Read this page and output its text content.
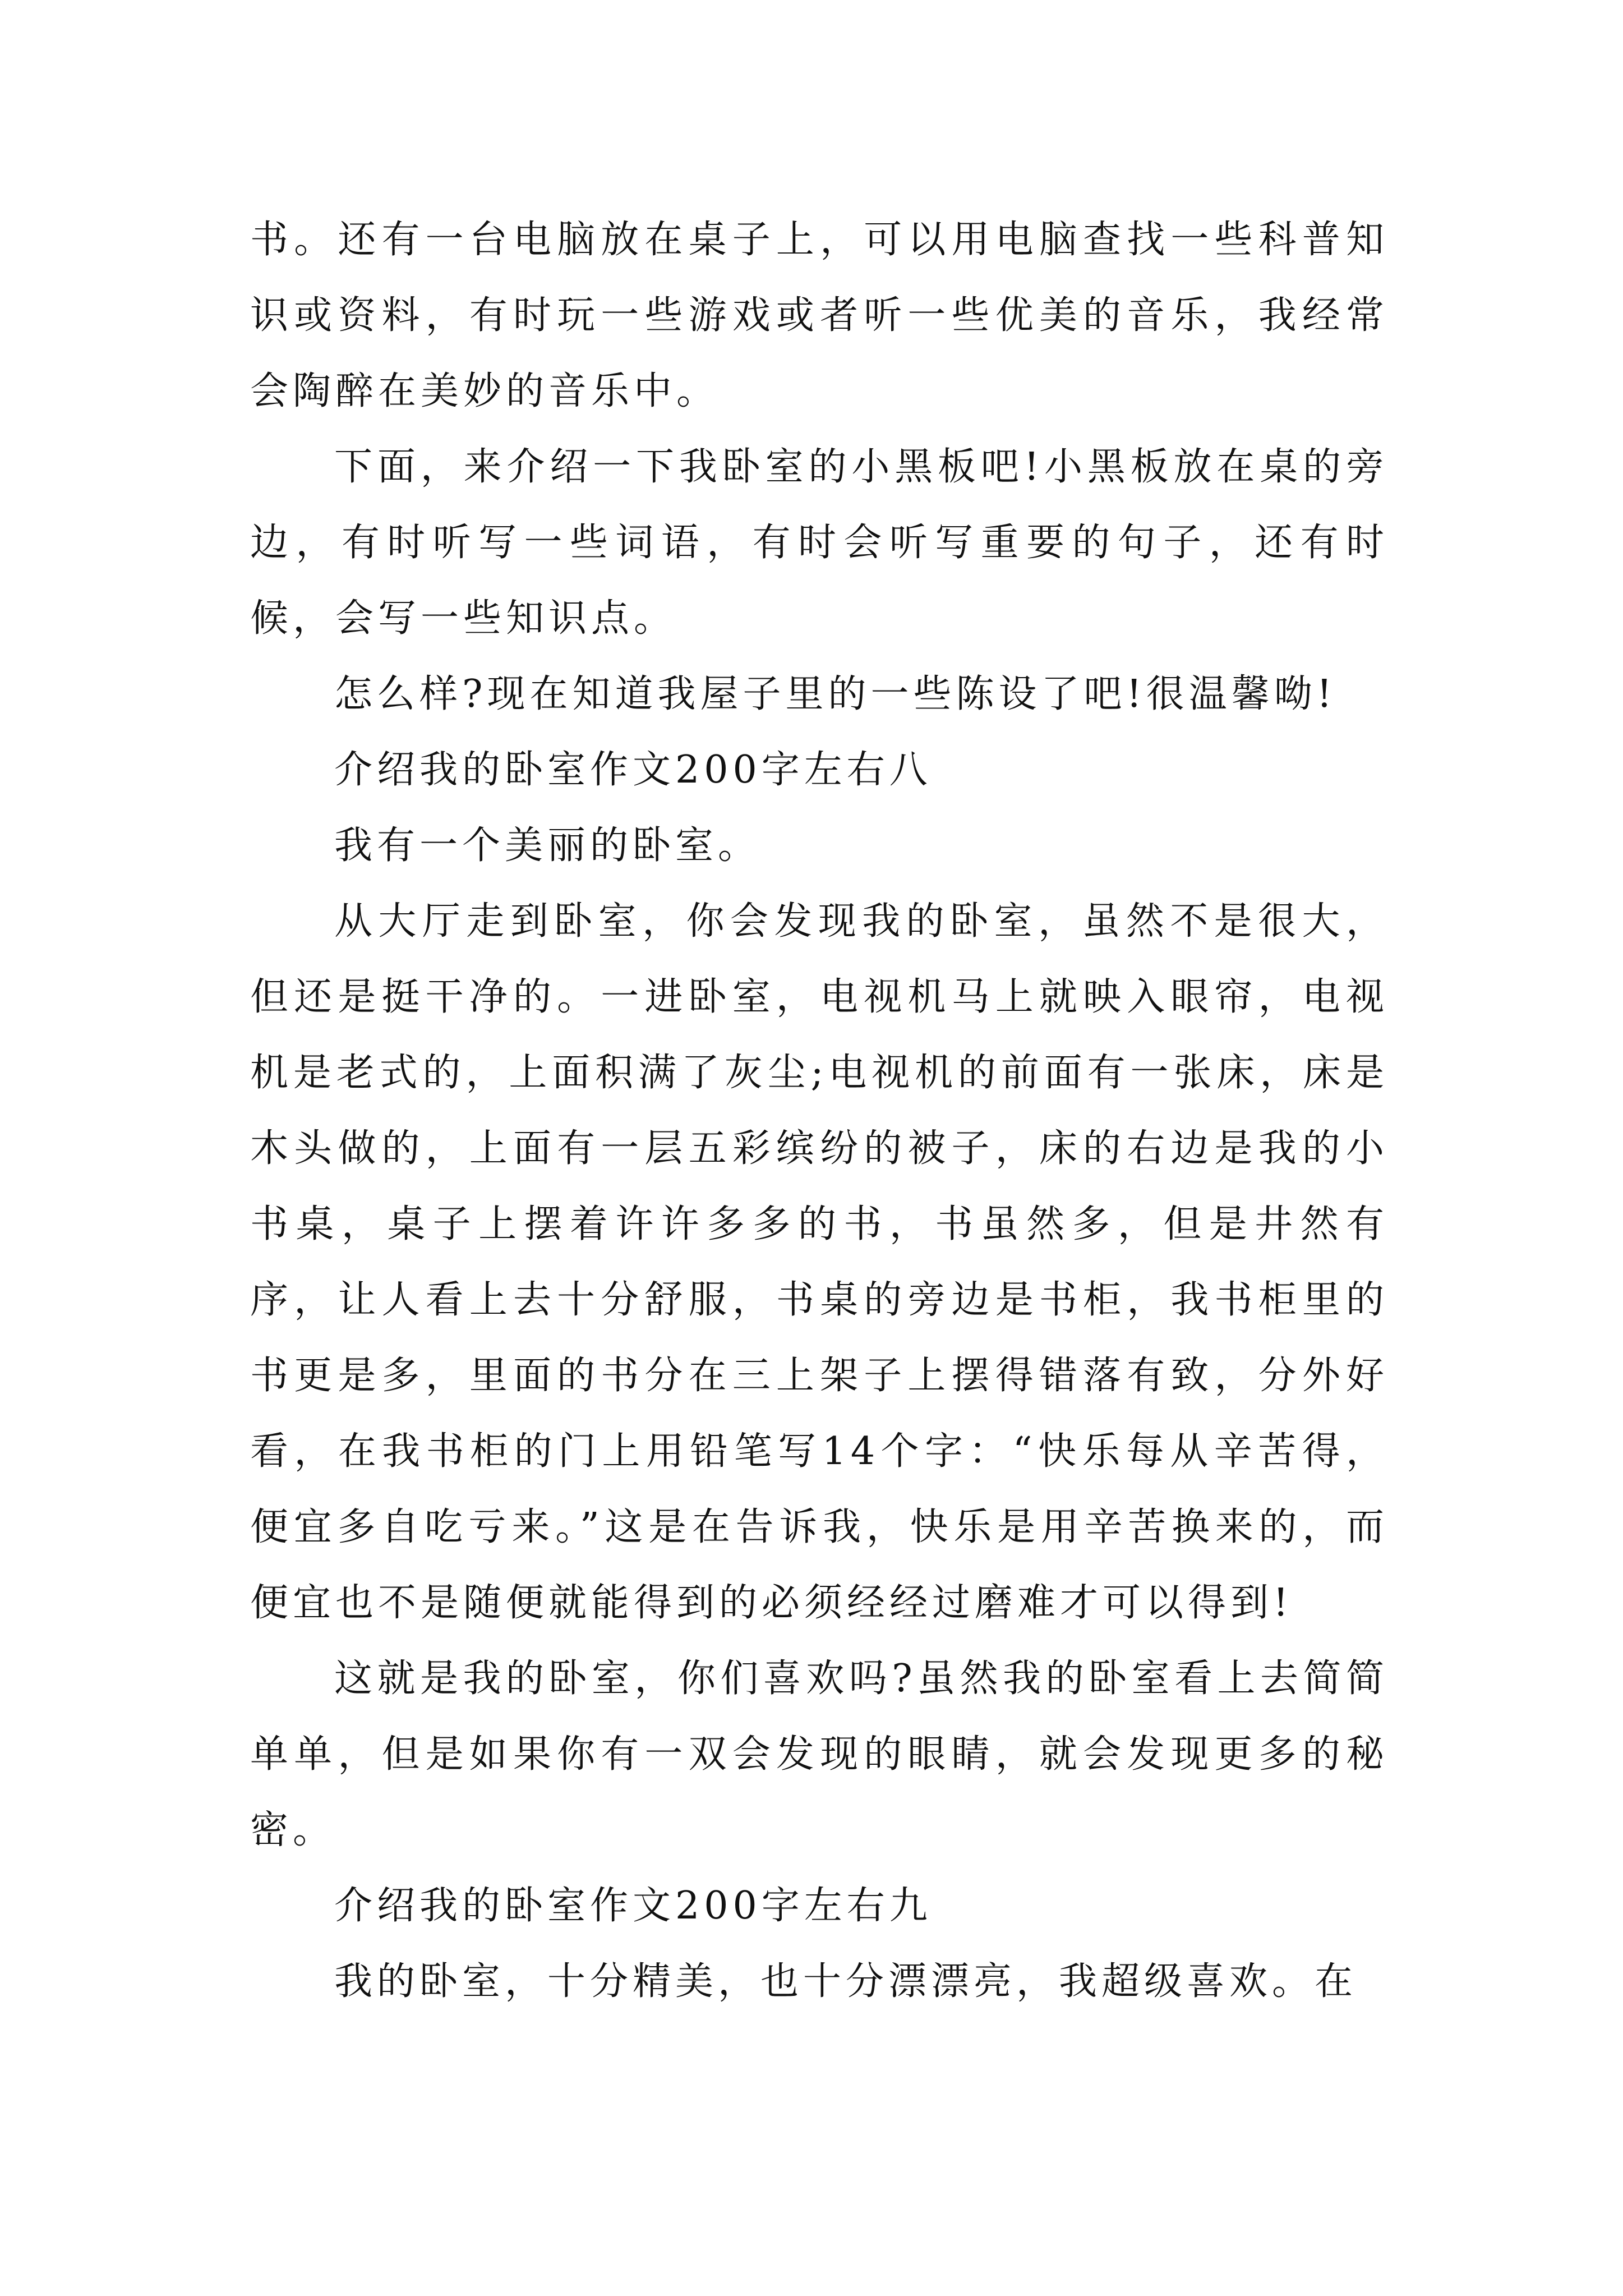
书。还有一台电脑放在桌子上，可以用电脑查找一些科普知识或资料，有时玩一些游戏或者听一些优美的音乐，我经常会陶醉在美妙的音乐中。

下面，来介绍一下我卧室的小黑板吧!小黑板放在桌的旁边，有时听写一些词语，有时会听写重要的句子，还有时候，会写一些知识点。

怎么样?现在知道我屋子里的一些陈设了吧!很温馨呦!

介绍我的卧室作文200字左右八

我有一个美丽的卧室。

从大厅走到卧室，你会发现我的卧室，虽然不是很大，但还是挺干净的。一进卧室，电视机马上就映入眼帘，电视机是老式的，上面积满了灰尘;电视机的前面有一张床，床是木头做的，上面有一层五彩缤纷的被子，床的右边是我的小书桌，桌子上摆着许许多多的书，书虽然多，但是井然有序，让人看上去十分舒服，书桌的旁边是书柜，我书柜里的书更是多，里面的书分在三上架子上摆得错落有致，分外好看，在我书柜的门上用铅笔写14个字：“快乐每从辛苦得，便宜多自吃亏来。”这是在告诉我，快乐是用辛苦换来的，而便宜也不是随便就能得到的必须经经过磨难才可以得到!

这就是我的卧室，你们喜欢吗?虽然我的卧室看上去简简单单，但是如果你有一双会发现的眼睛，就会发现更多的秘密。

介绍我的卧室作文200字左右九

我的卧室，十分精美，也十分漂漂亮，我超级喜欢。在
